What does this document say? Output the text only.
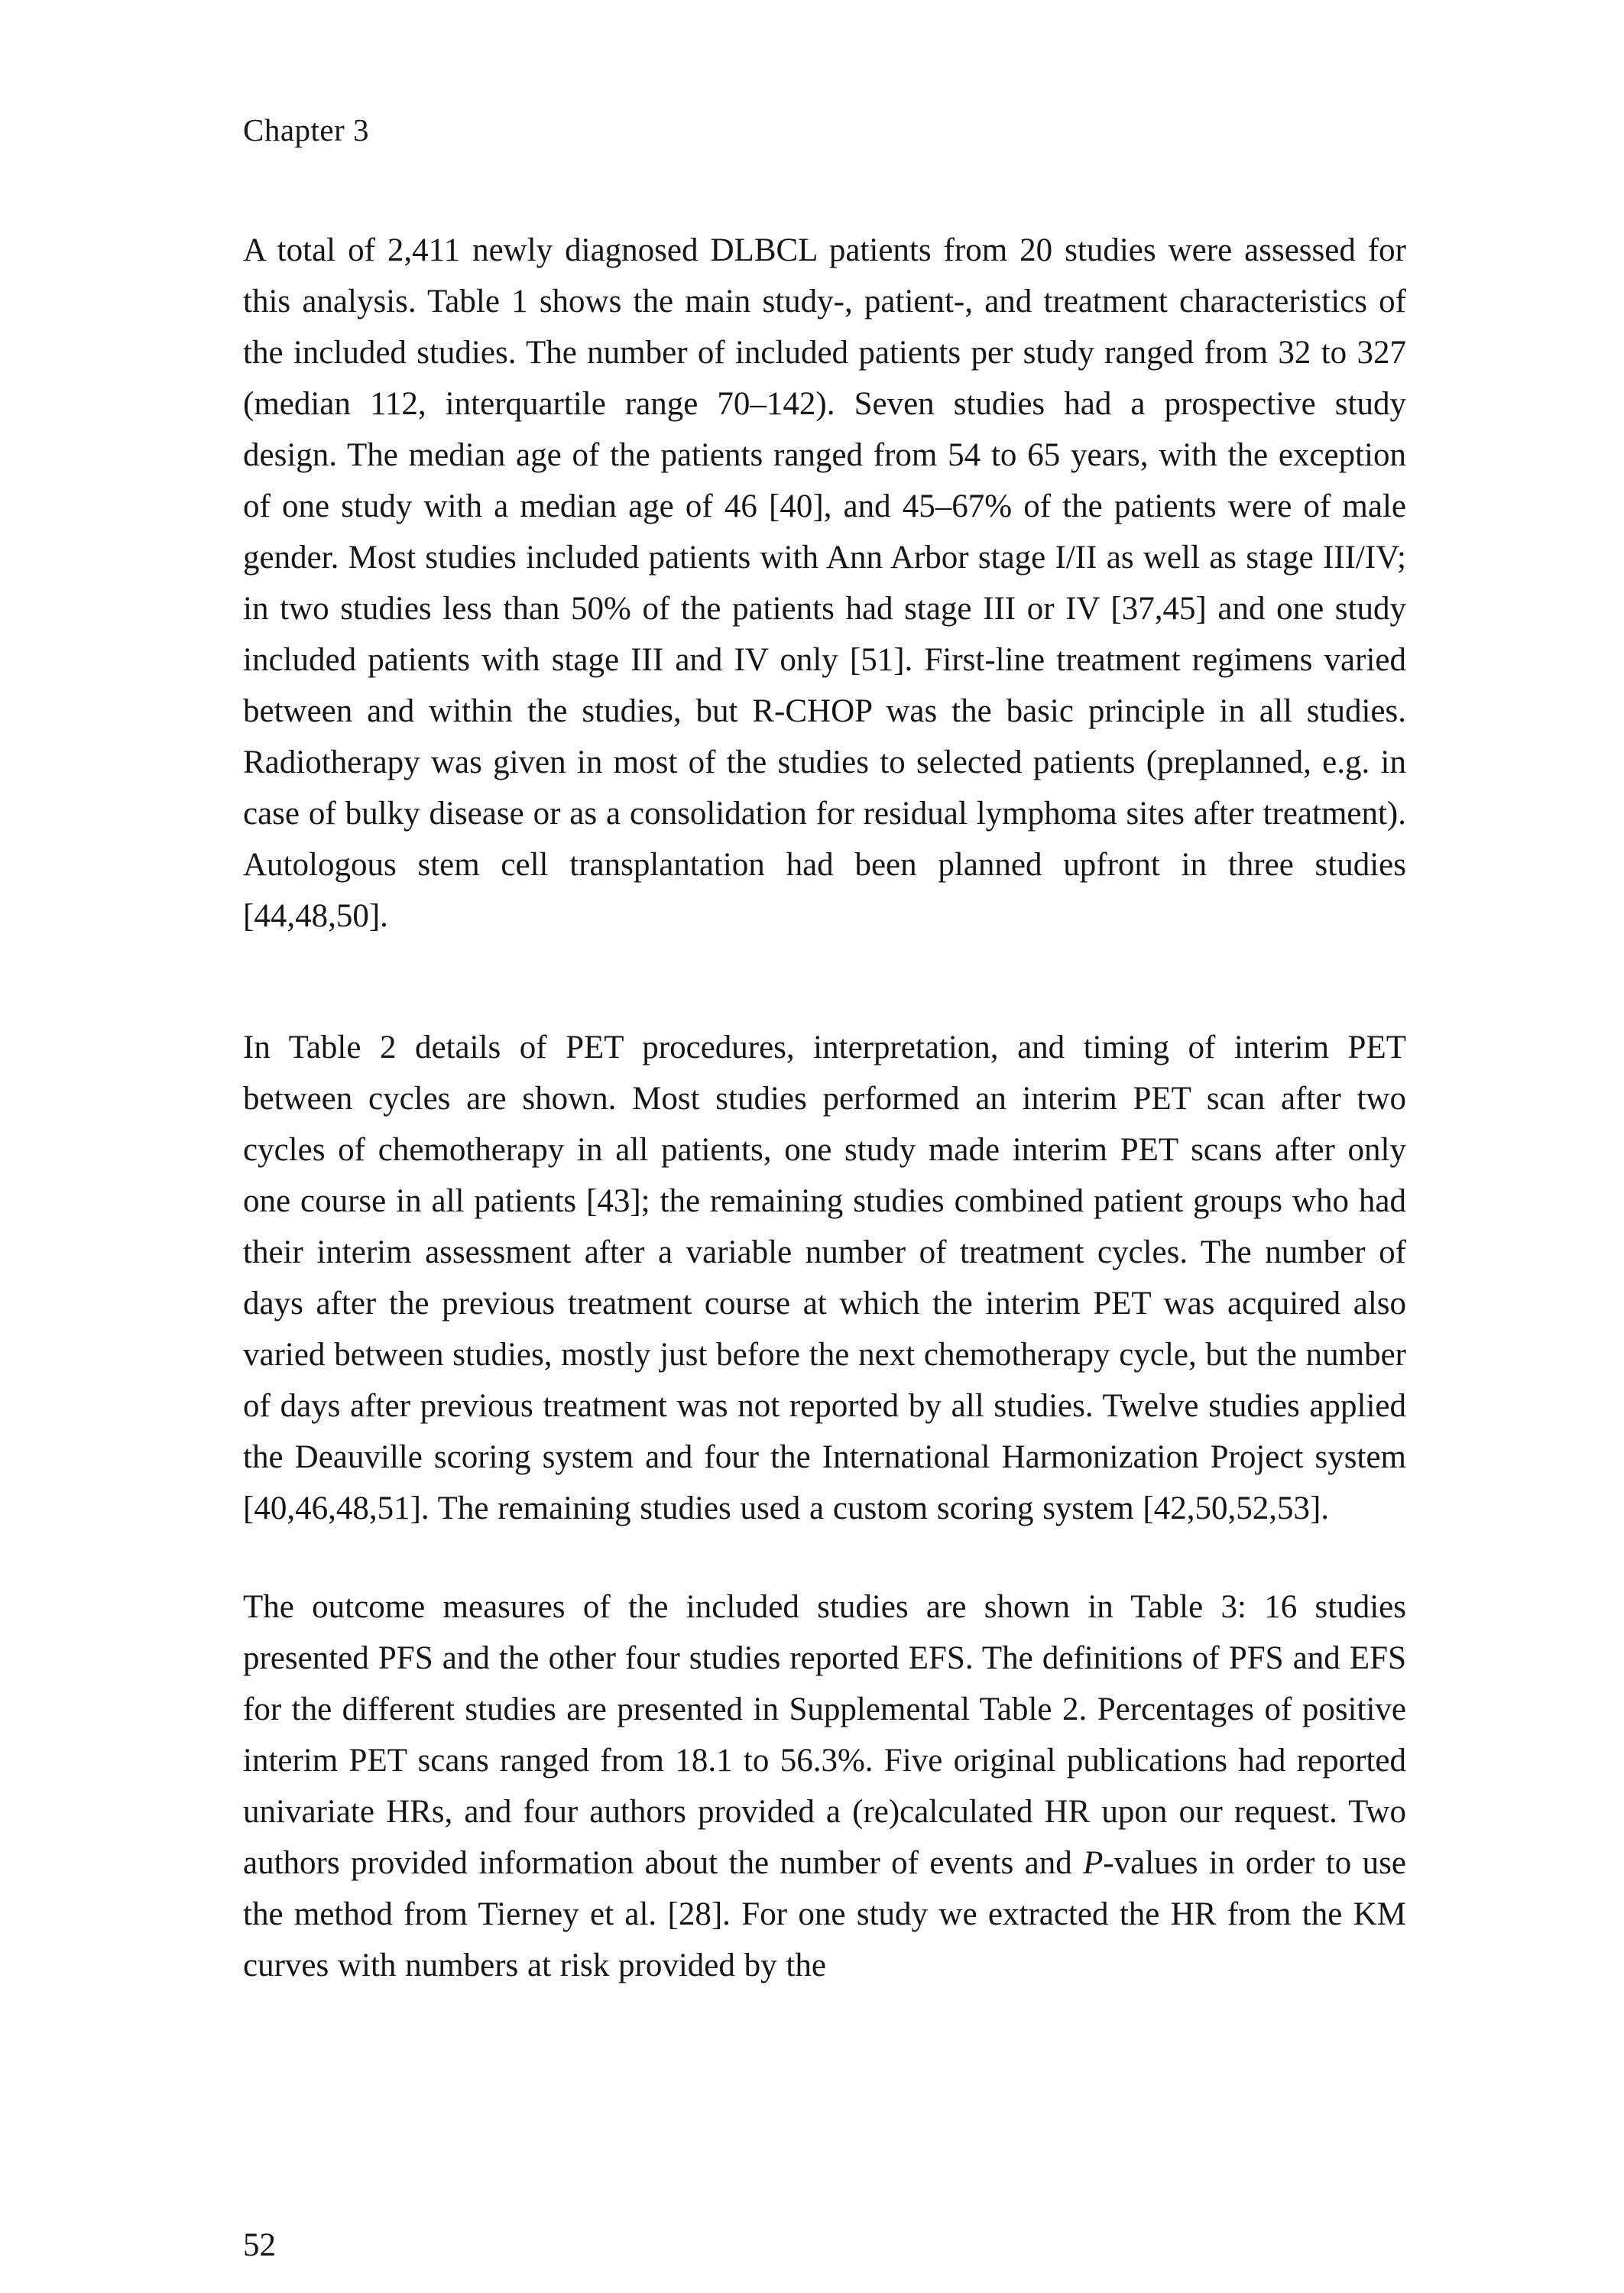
Chapter 3

A total of 2,411 newly diagnosed DLBCL patients from 20 studies were assessed for this analysis. Table 1 shows the main study-, patient-, and treatment characteristics of the included studies. The number of included patients per study ranged from 32 to 327 (median 112, interquartile range 70–142). Seven studies had a prospective study design. The median age of the patients ranged from 54 to 65 years, with the exception of one study with a median age of 46 [40], and 45–67% of the patients were of male gender. Most studies included patients with Ann Arbor stage I/II as well as stage III/IV; in two studies less than 50% of the patients had stage III or IV [37,45] and one study included patients with stage III and IV only [51]. First-line treatment regimens varied between and within the studies, but R-CHOP was the basic principle in all studies. Radiotherapy was given in most of the studies to selected patients (preplanned, e.g. in case of bulky disease or as a consolidation for residual lymphoma sites after treatment). Autologous stem cell transplantation had been planned upfront in three studies [44,48,50].

In Table 2 details of PET procedures, interpretation, and timing of interim PET between cycles are shown. Most studies performed an interim PET scan after two cycles of chemotherapy in all patients, one study made interim PET scans after only one course in all patients [43]; the remaining studies combined patient groups who had their interim assessment after a variable number of treatment cycles. The number of days after the previous treatment course at which the interim PET was acquired also varied between studies, mostly just before the next chemotherapy cycle, but the number of days after previous treatment was not reported by all studies. Twelve studies applied the Deauville scoring system and four the International Harmonization Project system [40,46,48,51]. The remaining studies used a custom scoring system [42,50,52,53].

The outcome measures of the included studies are shown in Table 3: 16 studies presented PFS and the other four studies reported EFS. The definitions of PFS and EFS for the different studies are presented in Supplemental Table 2. Percentages of positive interim PET scans ranged from 18.1 to 56.3%. Five original publications had reported univariate HRs, and four authors provided a (re)calculated HR upon our request. Two authors provided information about the number of events and P-values in order to use the method from Tierney et al. [28]. For one study we extracted the HR from the KM curves with numbers at risk provided by the

52
